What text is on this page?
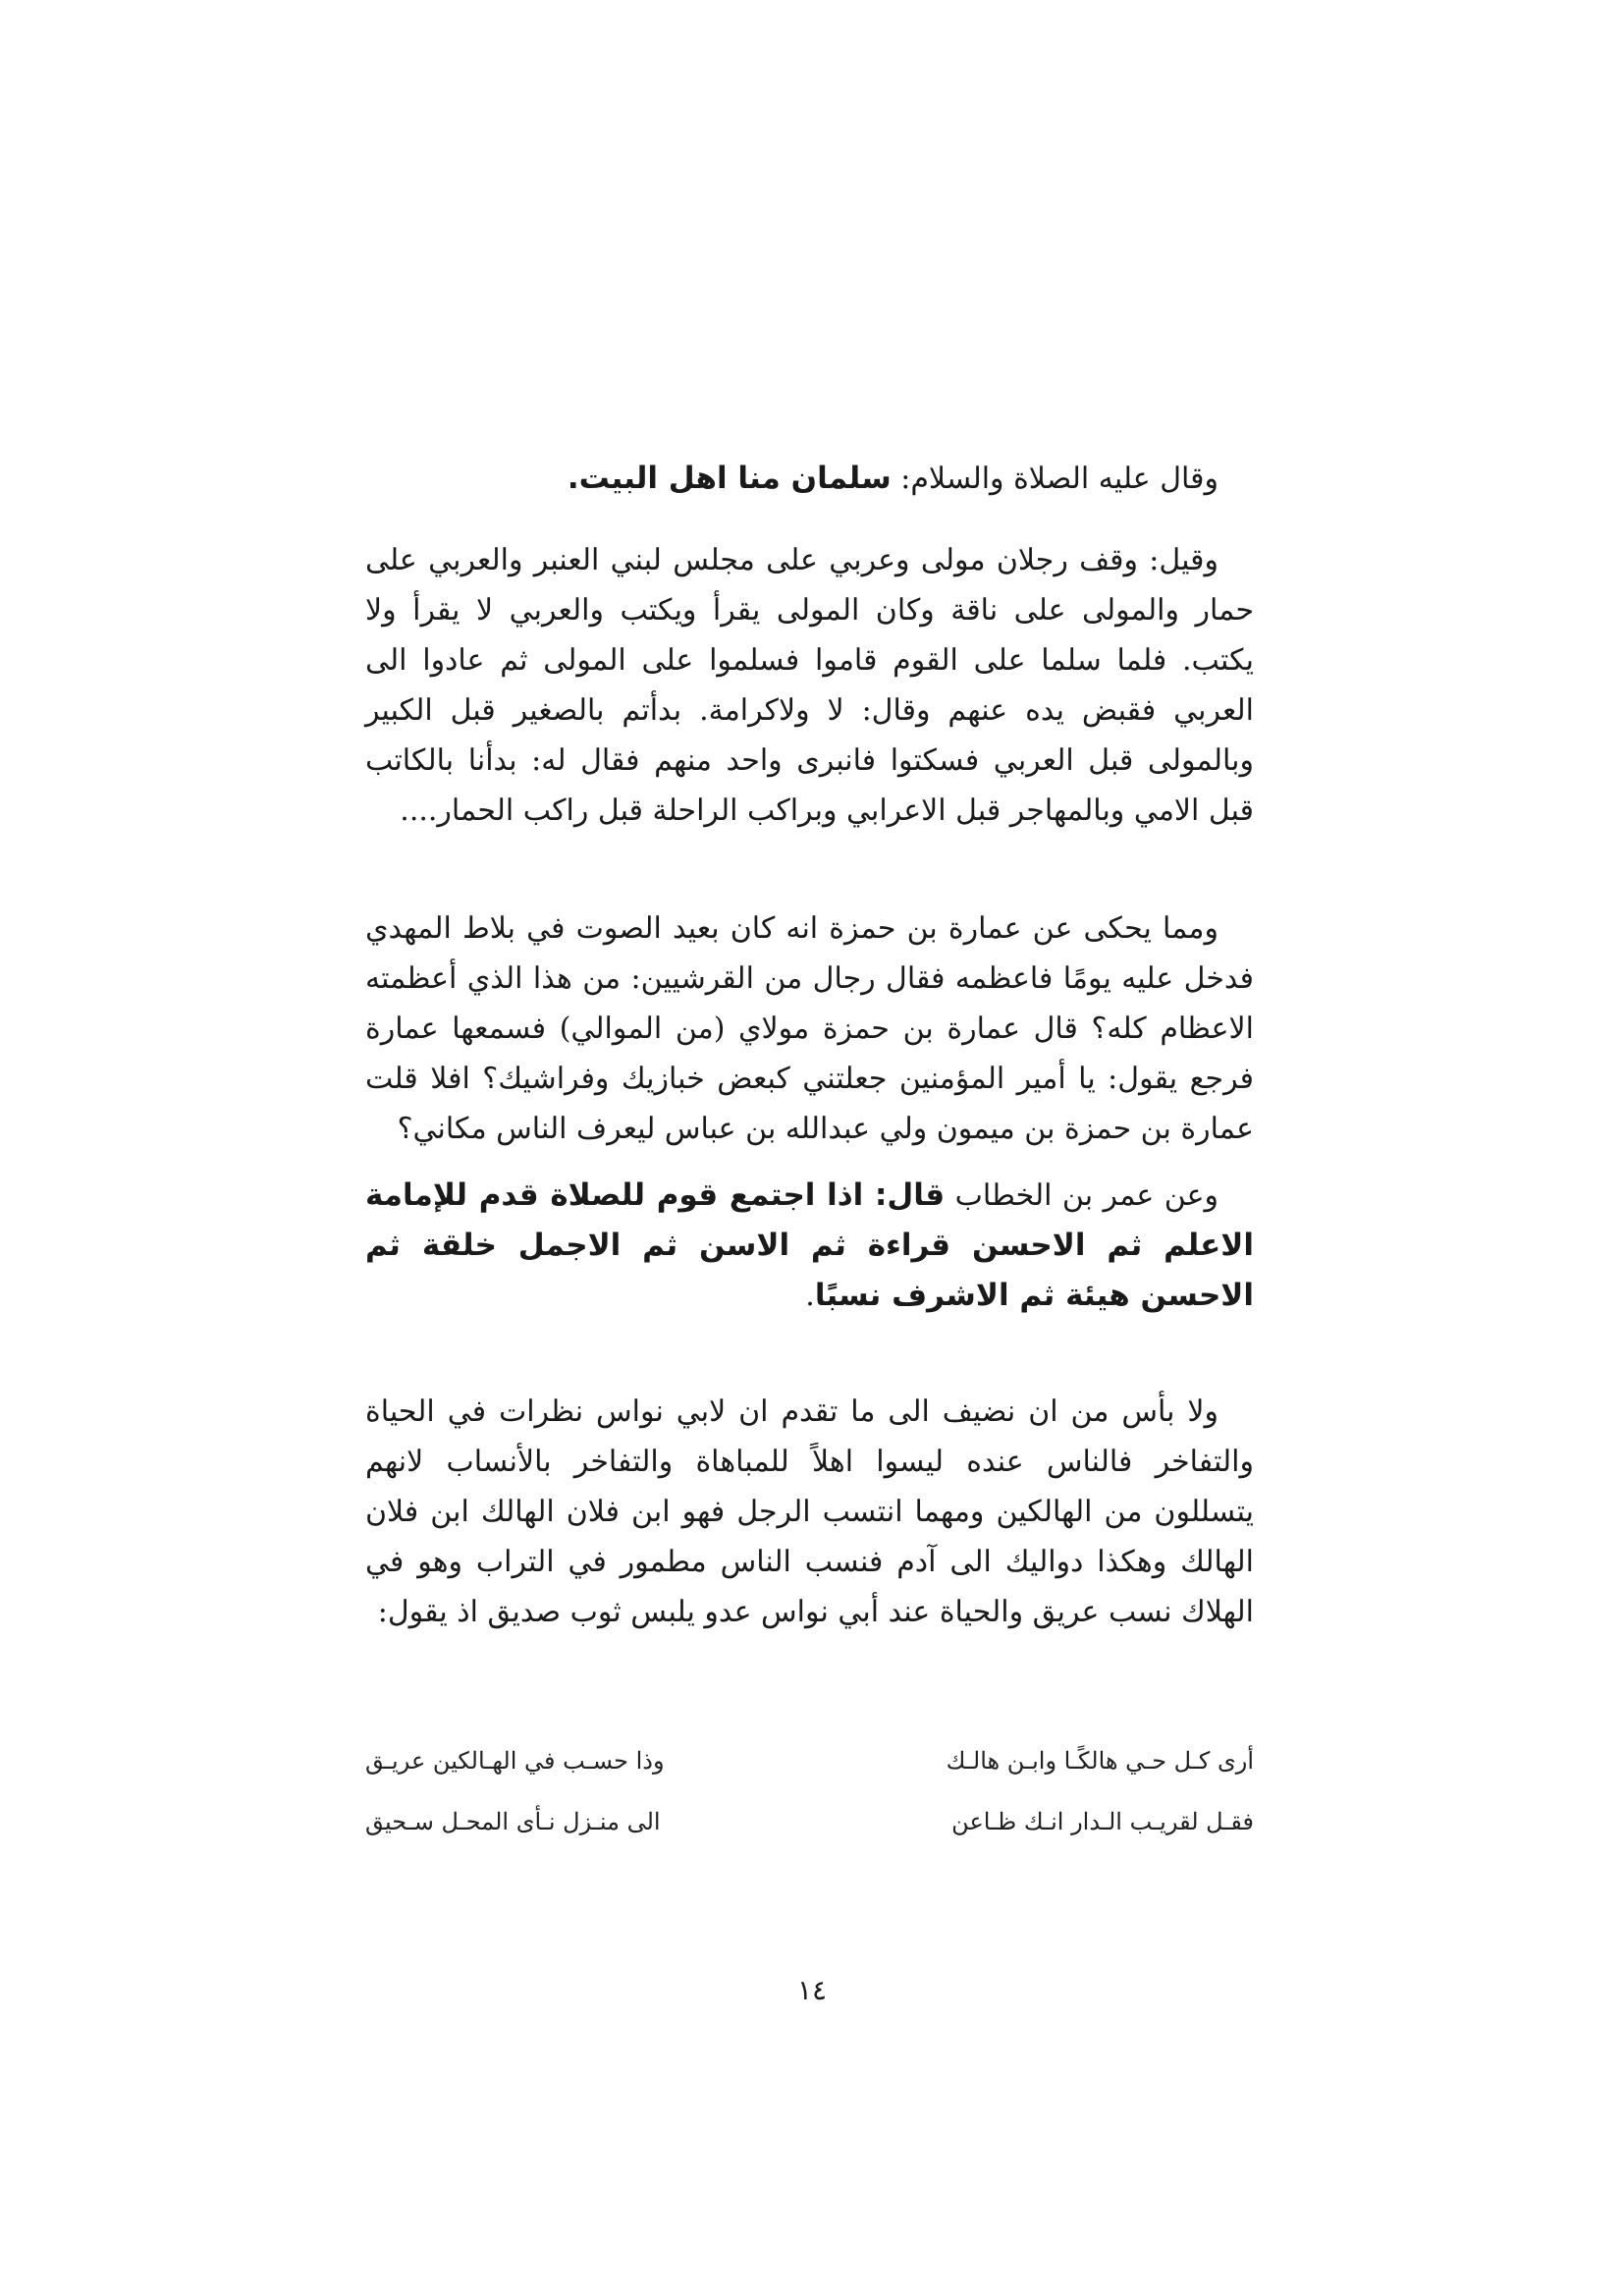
وقال عليه الصلاة والسلام: سلمان منا اهل البيت.

وقيل: وقف رجلان مولى وعربي على مجلس لبني العنبر والعربي على حمار والمولى على ناقة وكان المولى يقرأ ويكتب والعربي لا يقرأ ولا يكتب. فلما سلما على القوم قاموا فسلموا على المولى ثم عادوا الى العربي فقبض يده عنهم وقال: لا ولاكرامة. بدأتم بالصغير قبل الكبير وبالمولى قبل العربي فسكتوا فانبرى واحد منهم فقال له: بدأنا بالكاتب قبل الامي وبالمهاجر قبل الاعرابي وبراكب الراحلة قبل راكب الحمار....

ومما يحكى عن عمارة بن حمزة انه كان بعيد الصوت في بلاط المهدي فدخل عليه يومًا فاعظمه فقال رجال من القرشيين: من هذا الذي أعظمته الاعظام كله؟ قال عمارة بن حمزة مولاي (من الموالي) فسمعها عمارة فرجع يقول: يا أمير المؤمنين جعلتني كبعض خبازيك وفراشيك؟ افلا قلت عمارة بن حمزة بن ميمون ولي عبدالله بن عباس ليعرف الناس مكاني؟

وعن عمر بن الخطاب قال: اذا اجتمع قوم للصلاة قدم للإمامة الاعلم ثم الاحسن قراءة ثم الاسن ثم الاجمل خلقة ثم الاحسن هيئة ثم الاشرف نسبًا.

ولا بأس من ان نضيف الى ما تقدم ان لابي نواس نظرات في الحياة والتفاخر فالناس عنده ليسوا اهلاً للمباهاة والتفاخر بالأنساب لانهم يتسللون من الهالكين ومهما انتسب الرجل فهو ابن فلان الهالك ابن فلان الهالك وهكذا دواليك الى آدم فنسب الناس مطمور في التراب وهو في الهلاك نسب عريق والحياة عند أبي نواس عدو يلبس ثوب صديق اذ يقول:

أرى كـل حـي هالكًـا وابـن هالـك
وذا حسـب في الهـالكين عريـق
فقـل لقريـب الـدار انـك ظـاعن
الى منـزل نـأى المحـل سـحيق
١٤
